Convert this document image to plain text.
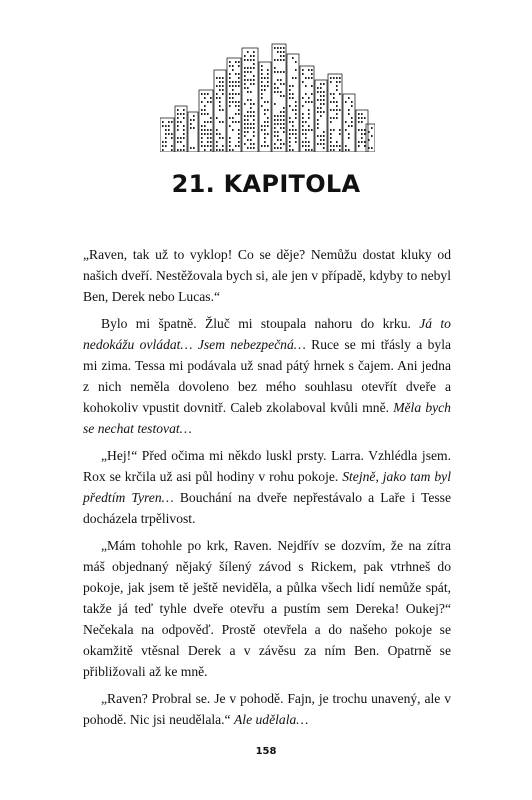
21. KAPITOLA

„Raven, tak už to vyklop! Co se děje? Nemůžu dostat kluky od našich dveří. Nestěžovala bych si, ale jen v případě, kdyby to nebyl Ben, Derek nebo Lucas.“

Bylo mi špatně. Žluč mi stoupala nahoru do krku. Já to nedokážu ovládat… Jsem nebezpečná… Ruce se mi třásly a byla mi zima. Tessa mi podávala už snad pátý hrnek s čajem. Ani jedna z nich neměla dovoleno bez mého souhlasu otevřít dveře a kohokoliv vpustit dovnitř. Caleb zkolaboval kvůli mně. Měla bych se nechat testovat…

„Hej!“ Před očima mi někdo luskl prsty. Larra. Vzhlédla jsem. Rox se krčila už asi půl hodiny v rohu pokoje. Stejně, jako tam byl předtím Tyren… Bouchání na dveře nepřestávalo a Laře i Tesse docházela trpělivost.

„Mám tohohle po krk, Raven. Nejdřív se dozvím, že na zítra máš objednaný nějaký šílený závod s Rickem, pak vtrhneš do pokoje, jak jsem tě ještě neviděla, a půlka všech lidí nemůže spát, takže já teď tyhle dveře otevřu a pustím sem Dereka! Oukej?“ Nečekala na odpověď. Prostě otevřela a do našeho pokoje se okamžitě vtěsnal Derek a v závěsu za ním Ben. Opatrně se přibližovali až ke mně.

„Raven? Probral se. Je v pohodě. Fajn, je trochu unavený, ale v pohodě. Nic jsi neudělala.“ Ale udělala…

158
